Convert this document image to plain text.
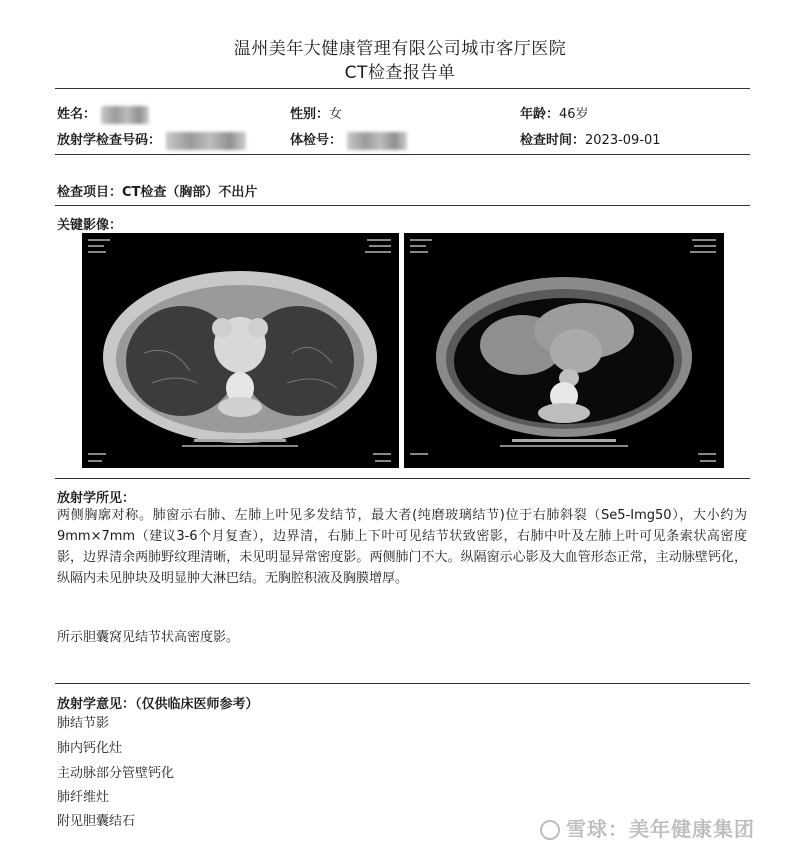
温州美年大健康管理有限公司城市客厅医院
CT检查报告单
姓名：	性别：女	年龄：46岁
放射学检查号码：	体检号：	检查时间：2023-09-01
检查项目：CT检查（胸部）不出片
关键影像：
放射学所见：
两侧胸廓对称。肺窗示右肺、左肺上叶见多发结节，最大者(纯磨玻璃结节)位于右肺斜裂（Se5-Img50），大小约为9mm×7mm（建议3-6个月复查），边界清，右肺上下叶可见结节状致密影，右肺中叶及左肺上叶可见条索状高密度影，边界清余两肺野纹理清晰，未见明显异常密度影。两侧肺门不大。纵隔窗示心影及大血管形态正常，主动脉壁钙化，纵隔内未见肿块及明显肿大淋巴结。无胸腔积液及胸膜增厚。
所示胆囊窝见结节状高密度影。
放射学意见：（仅供临床医师参考）
肺结节影
肺内钙化灶
主动脉部分管壁钙化
肺纤维灶
附见胆囊结石	雪球：美年健康集团
